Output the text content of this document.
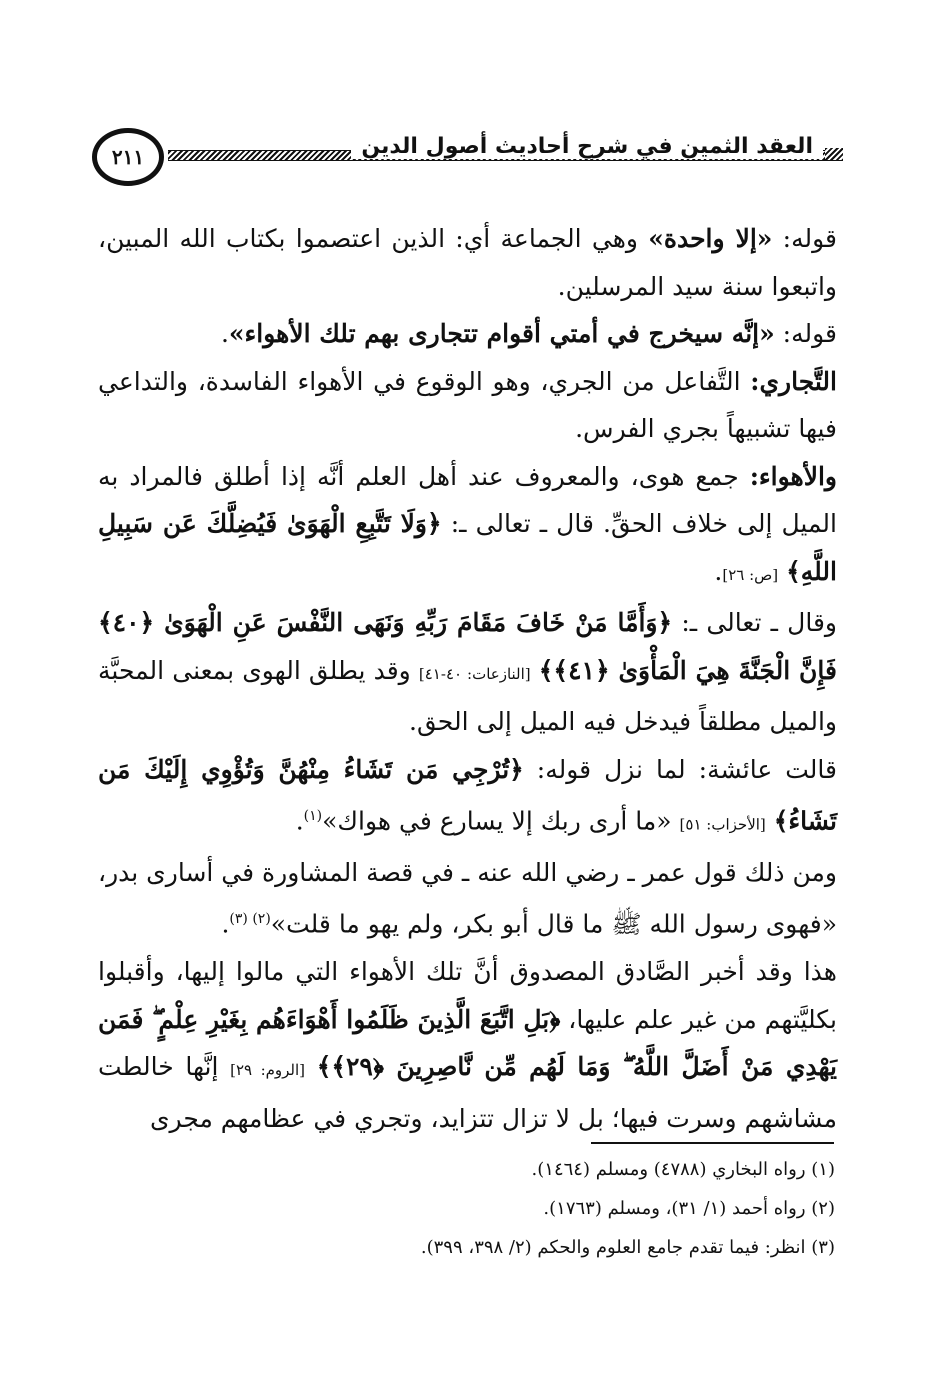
٢١١	العقد الثمين في شرح أحاديث أصول الدين

قوله: «إلا واحدة» وهي الجماعة أي: الذين اعتصموا بكتاب الله المبين، واتبعوا سنة سيد المرسلين.

قوله: «إنَّه سيخرج في أمتي أقوام تتجارى بهم تلك الأهواء».

التَّجاري: التَّفاعل من الجري، وهو الوقوع في الأهواء الفاسدة، والتداعي فيها تشبيهاً بجري الفرس.

والأهواء: جمع هوى، والمعروف عند أهل العلم أنَّه إذا أطلق فالمراد به الميل إلى خلاف الحقِّ. قال ـ تعالى ـ: ﴿وَلَا تَتَّبِعِ الْهَوَىٰ فَيُضِلَّكَ عَن سَبِيلِ اللَّهِ﴾ [ص: ٢٦].

وقال ـ تعالى ـ: ﴿وَأَمَّا مَنْ خَافَ مَقَامَ رَبِّهِ وَنَهَى النَّفْسَ عَنِ الْهَوَىٰ ﴿٤٠﴾ فَإِنَّ الْجَنَّةَ هِيَ الْمَأْوَىٰ ﴿٤١﴾﴾ [النازعات: ٤٠-٤١] وقد يطلق الهوى بمعنى المحبَّة والميل مطلقاً فيدخل فيه الميل إلى الحق.

قالت عائشة: لما نزل قوله: ﴿تُرْجِي مَن تَشَاءُ مِنْهُنَّ وَتُؤْوِي إِلَيْكَ مَن تَشَاءُ﴾ [الأحزاب: ٥١] «ما أرى ربك إلا يسارع في هواك»$^{(١)}$.

ومن ذلك قول عمر ـ رضي الله عنه ـ في قصة المشاورة في أسارى بدر، «فهوى رسول الله ﷺ ما قال أبو بكر، ولم يهو ما قلت»$^{(٢) (٣)}$.

هذا وقد أخبر الصَّادق المصدوق أنَّ تلك الأهواء التي مالوا إليها، وأقبلوا بكليَّتهم من غير علم عليها، ﴿بَلِ اتَّبَعَ الَّذِينَ ظَلَمُوا أَهْوَاءَهُم بِغَيْرِ عِلْمٍ ۖ فَمَن يَهْدِي مَنْ أَضَلَّ اللَّهُ ۖ وَمَا لَهُم مِّن نَّاصِرِينَ ﴿٢٩﴾﴾ [الروم: ٢٩] إنَّها خالطت مشاشهم وسرت فيها؛ بل لا تزال تتزايد، وتجري في عظامهم مجرى

(١) رواه البخاري (٤٧٨٨) ومسلم (١٤٦٤).

(٢) رواه أحمد (١/ ٣١)، ومسلم (١٧٦٣).

(٣) انظر: فيما تقدم جامع العلوم والحكم (٢/ ٣٩٨، ٣٩٩).
